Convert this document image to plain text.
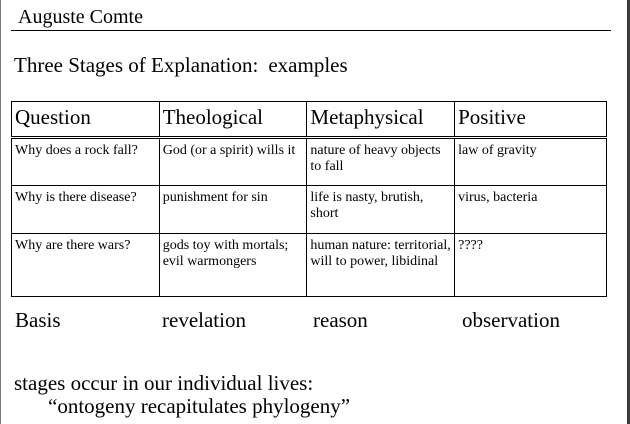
Auguste Comte
Three Stages of Explanation: examples
Question	Theological	Metaphysical	Positive
Why does a rock fall?	God (or a spirit) wills it	nature of heavy objects to fall	law of gravity
Why is there disease?	punishment for sin	life is nasty, brutish, short	virus, bacteria
Why are there wars?	gods toy with mortals; evil warmongers	human nature: territorial, will to power, libidinal	????
Basis	revelation	reason	observation
stages occur in our individual lives:
“ontogeny recapitulates phylogeny”
